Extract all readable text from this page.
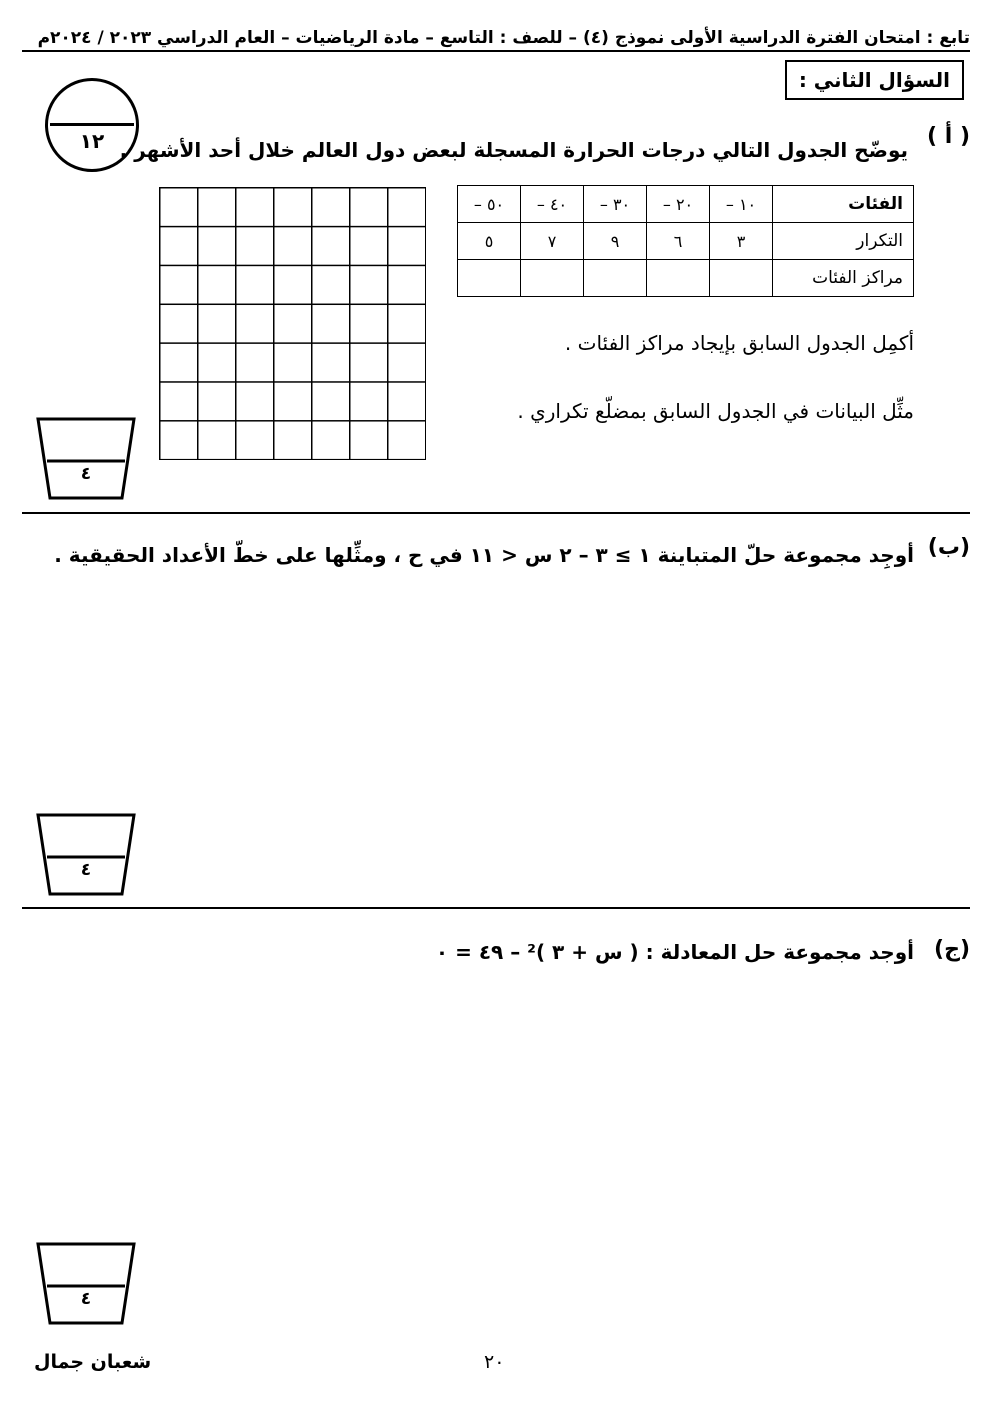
تابع : امتحان الفترة الدراسية الأولى نموذج (٤) – للصف : التاسع – مادة الرياضيات – العام الدراسي ٢٠٢٣ / ٢٠٢٤م
السؤال الثاني :
١٢	( أ )
يوضّح الجدول التالي درجات الحرارة المسجلة لبعض دول العالم خلال أحد الأشهر .
الفئات	١٠ –	٢٠ –	٣٠ –	٤٠ –	٥٠ –
التكرار	٣	٦	٩	٧	٥
مراكز الفئات					
أكمِل الجدول السابق بإيجاد مراكز الفئات .
مثِّل البيانات في الجدول السابق بمضلّع تكراري .
٤
(ب)
أوجِد مجموعة حلّ المتباينة ١ ≥ ٣ – ٢ س < ١١ في ح ، ومثِّلها على خطّ الأعداد الحقيقية .
٤
(ج)
أوجد مجموعة حل المعادلة : ( س + ٣ )² – ٤٩ = ٠
٤
شعبان جمال	٢٠
